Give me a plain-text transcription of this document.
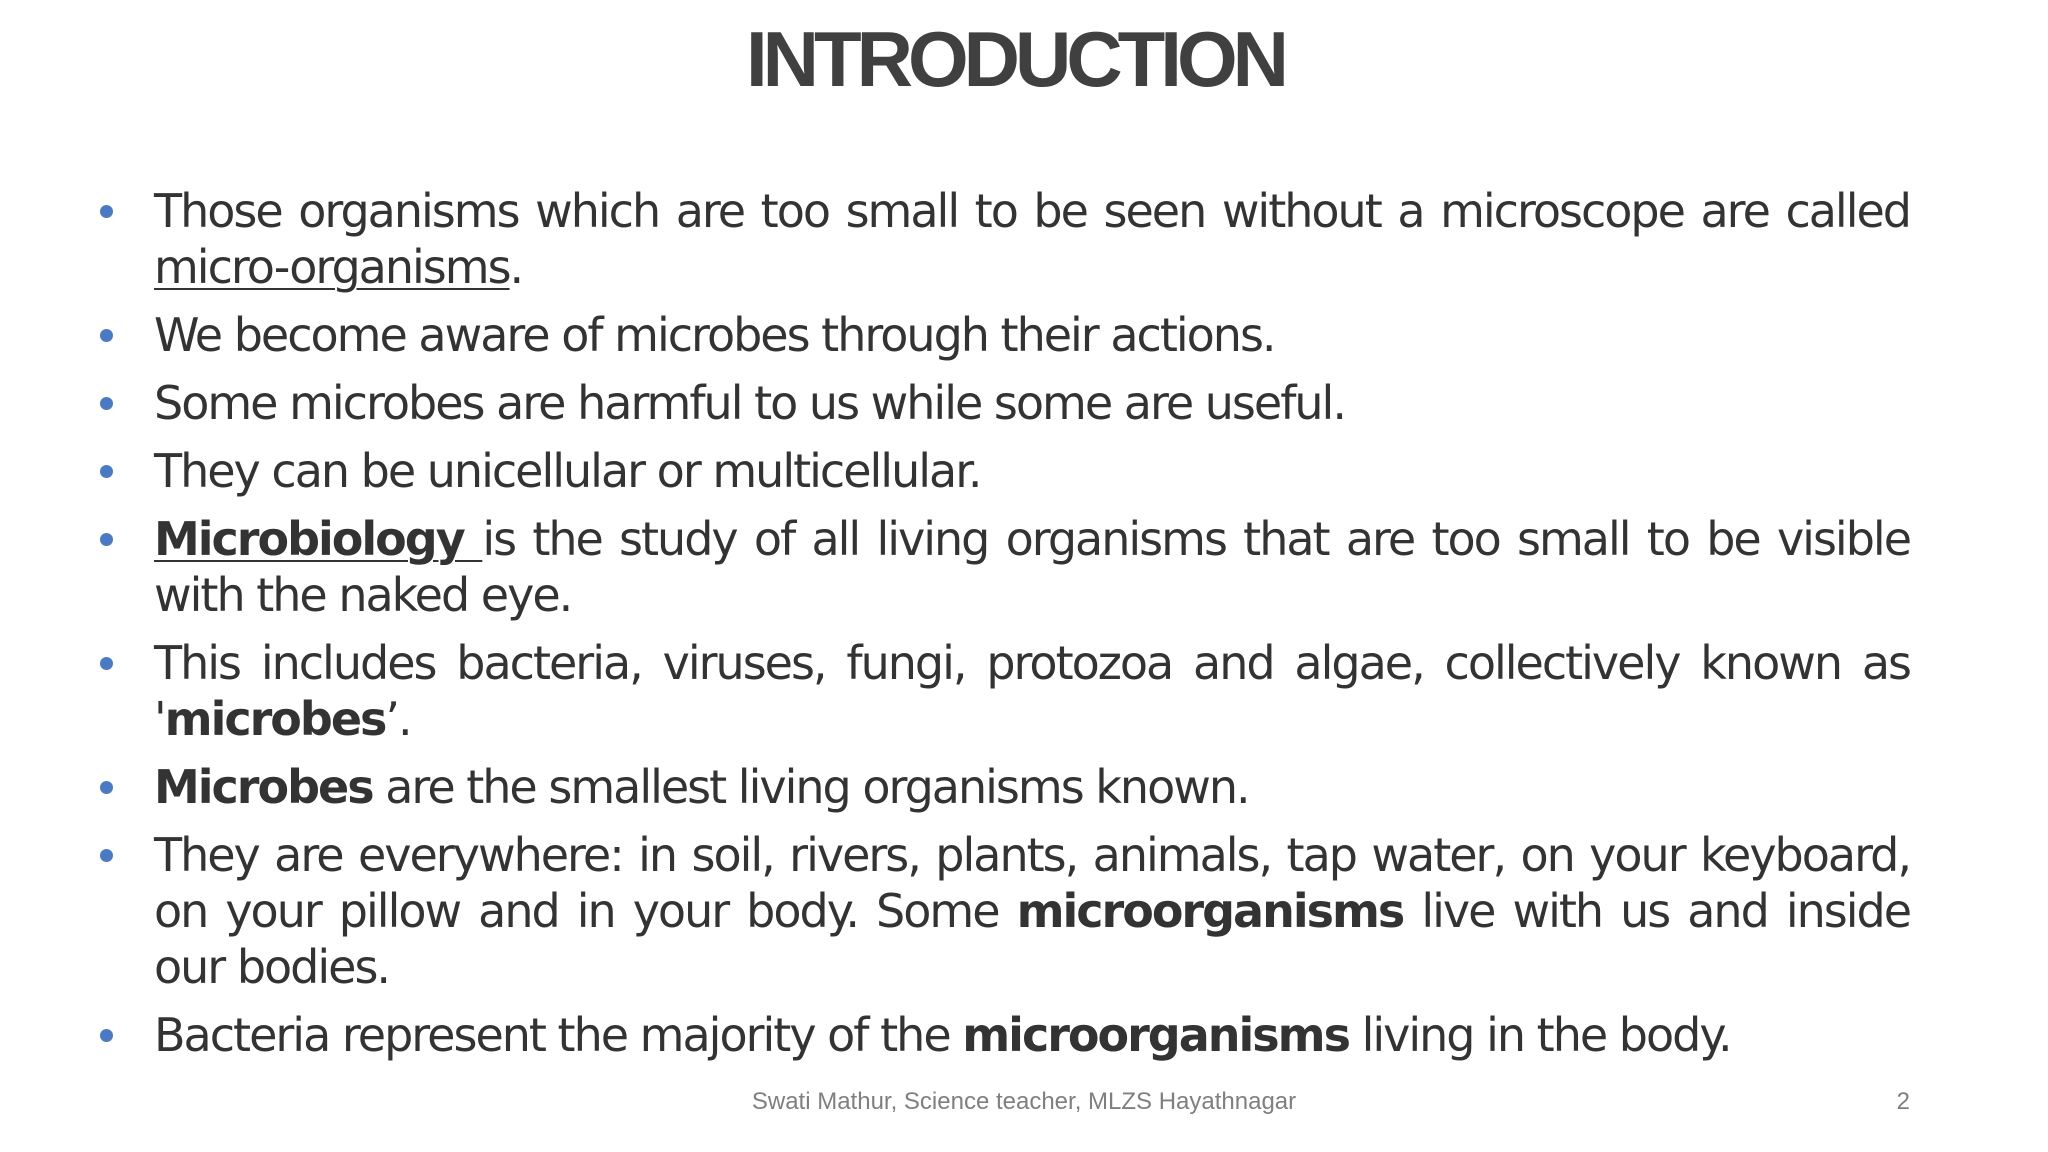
INTRODUCTION
Those organisms which are too small to be seen without a microscope are called micro-organisms.
We become aware of microbes through their actions.
Some microbes are harmful to us while some are useful.
They can be unicellular or multicellular.
Microbiology is the study of all living organisms that are too small to be visible with the naked eye.
This includes bacteria, viruses, fungi, protozoa and algae, collectively known as 'microbes’.
Microbes are the smallest living organisms known.
They are everywhere: in soil, rivers, plants, animals, tap water, on your keyboard, on your pillow and in your body. Some microorganisms live with us and inside our bodies.
Bacteria represent the majority of the microorganisms living in the body.
Swati Mathur, Science teacher, MLZS Hayathnagar	2
